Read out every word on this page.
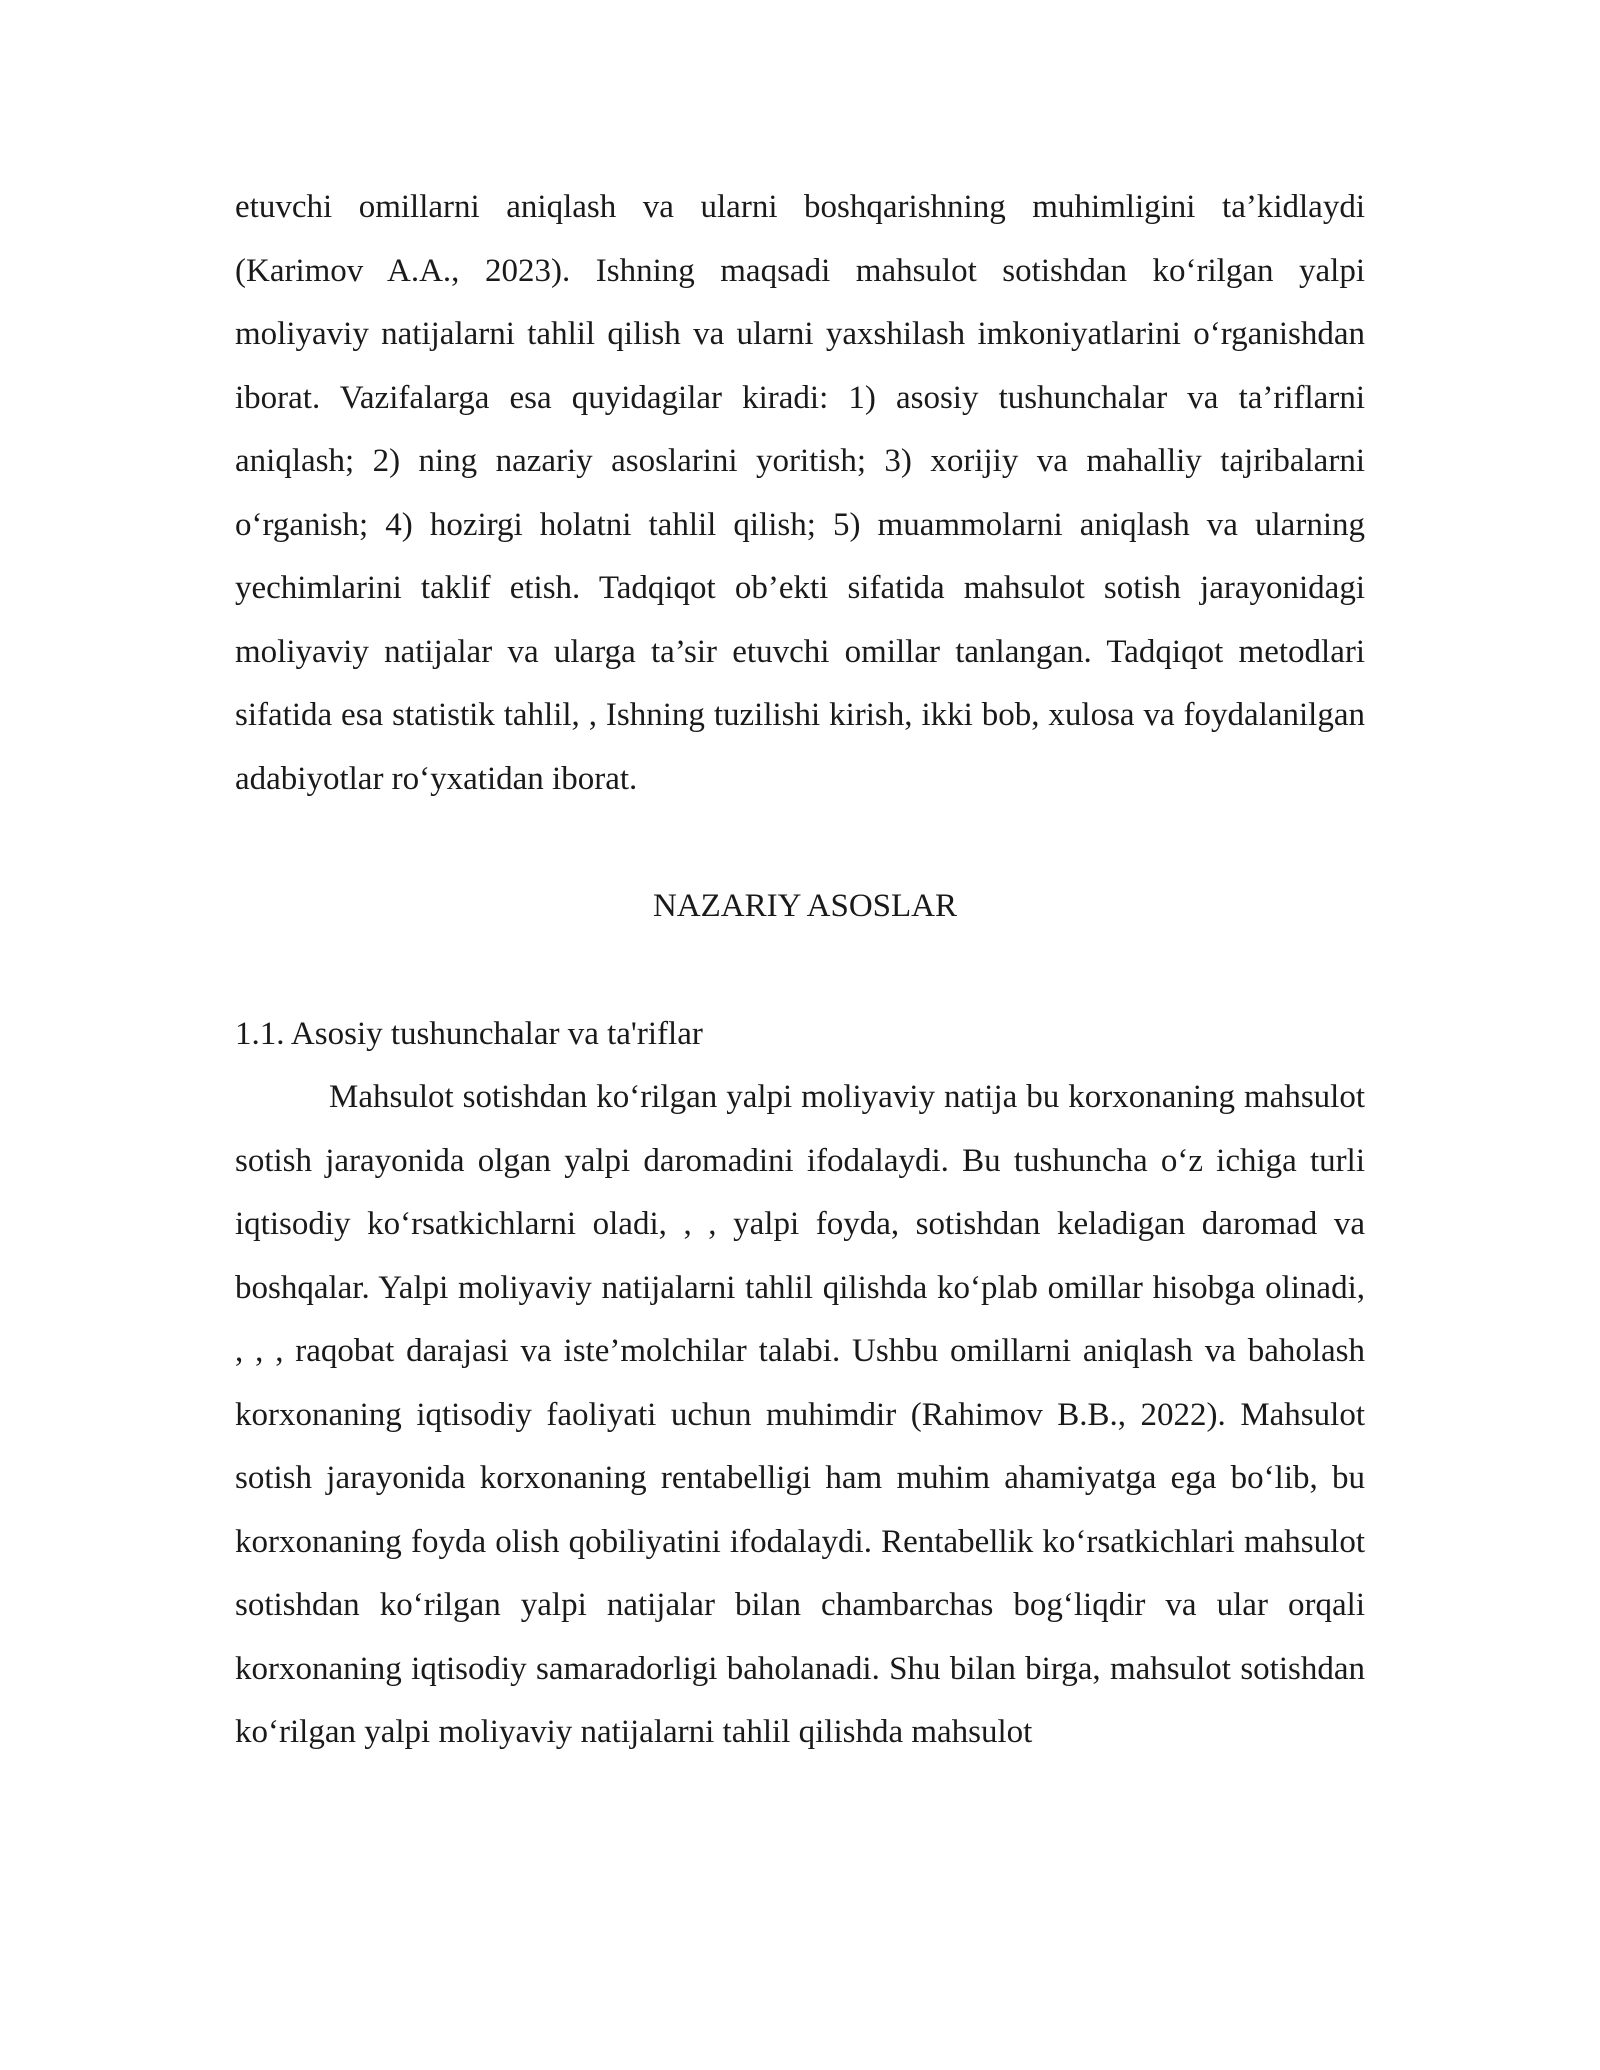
etuvchi omillarni aniqlash va ularni boshqarishning muhimligini ta’kidlaydi (Karimov A.A., 2023). Ishning maqsadi mahsulot sotishdan koʻrilgan yalpi moliyaviy natijalarni tahlil qilish va ularni yaxshilash imkoniyatlarini oʻrganishdan iborat. Vazifalarga esa quyidagilar kiradi: 1) asosiy tushunchalar va ta’riflarni aniqlash; 2) ning nazariy asoslarini yoritish; 3) xorijiy va mahalliy tajribalarni oʻrganish; 4) hozirgi holatni tahlil qilish; 5) muammolarni aniqlash va ularning yechimlarini taklif etish. Tadqiqot ob’ekti sifatida mahsulot sotish jarayonidagi moliyaviy natijalar va ularga ta’sir etuvchi omillar tanlangan. Tadqiqot metodlari sifatida esa statistik tahlil, , Ishning tuzilishi kirish, ikki bob, xulosa va foydalanilgan adabiyotlar roʻyxatidan iborat.

NAZARIY ASOSLAR
1.1. Asosiy tushunchalar va ta'riflar

Mahsulot sotishdan koʻrilgan yalpi moliyaviy natija bu korxonaning mahsulot sotish jarayonida olgan yalpi daromadini ifodalaydi. Bu tushuncha oʻz ichiga turli iqtisodiy koʻrsatkichlarni oladi, , , yalpi foyda, sotishdan keladigan daromad va boshqalar. Yalpi moliyaviy natijalarni tahlil qilishda koʻplab omillar hisobga olinadi, , , , raqobat darajasi va iste’molchilar talabi. Ushbu omillarni aniqlash va baholash korxonaning iqtisodiy faoliyati uchun muhimdir (Rahimov B.B., 2022). Mahsulot sotish jarayonida korxonaning rentabelligi ham muhim ahamiyatga ega boʻlib, bu korxonaning foyda olish qobiliyatini ifodalaydi. Rentabellik koʻrsatkichlari mahsulot sotishdan koʻrilgan yalpi natijalar bilan chambarchas bogʻliqdir va ular orqali korxonaning iqtisodiy samaradorligi baholanadi. Shu bilan birga, mahsulot sotishdan koʻrilgan yalpi moliyaviy natijalarni tahlil qilishda mahsulot
